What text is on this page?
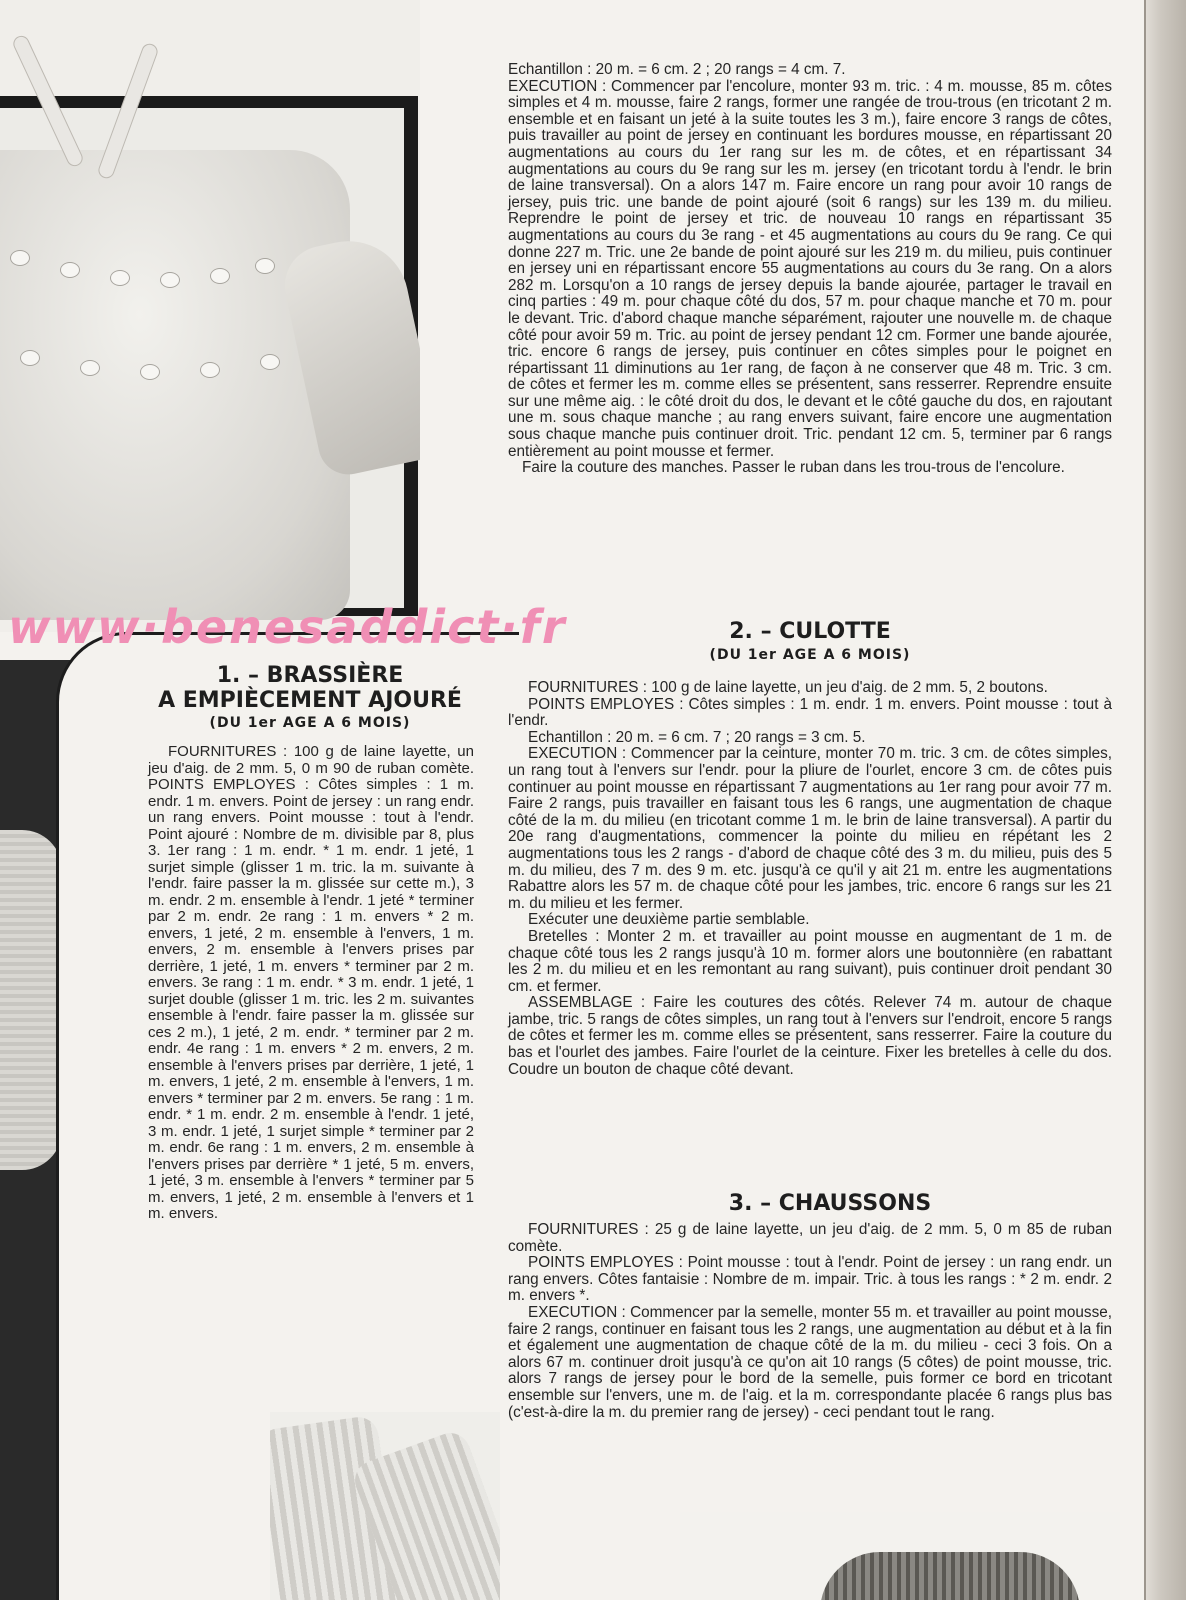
Echantillon : 20 m. = 6 cm. 2 ; 20 rangs = 4 cm. 7.

EXECUTION : Commencer par l'encolure, monter 93 m. tric. : 4 m. mousse, 85 m. côtes simples et 4 m. mousse, faire 2 rangs, former une rangée de trou-trous (en tricotant 2 m. ensemble et en faisant un jeté à la suite toutes les 3 m.), faire encore 3 rangs de côtes, puis travailler au point de jersey en continuant les bordures mousse, en répartissant 20 augmentations au cours du 1er rang sur les m. de côtes, et en répartissant 34 augmentations au cours du 9e rang sur les m. jersey (en tricotant tordu à l'endr. le brin de laine transversal). On a alors 147 m. Faire encore un rang pour avoir 10 rangs de jersey, puis tric. une bande de point ajouré (soit 6 rangs) sur les 139 m. du milieu. Reprendre le point de jersey et tric. de nouveau 10 rangs en répartissant 35 augmentations au cours du 3e rang - et 45 augmentations au cours du 9e rang. Ce qui donne 227 m. Tric. une 2e bande de point ajouré sur les 219 m. du milieu, puis continuer en jersey uni en répartissant encore 55 augmentations au cours du 3e rang. On a alors 282 m. Lorsqu'on a 10 rangs de jersey depuis la bande ajourée, partager le travail en cinq parties : 49 m. pour chaque côté du dos, 57 m. pour chaque manche et 70 m. pour le devant. Tric. d'abord chaque manche séparément, rajouter une nouvelle m. de chaque côté pour avoir 59 m. Tric. au point de jersey pendant 12 cm. Former une bande ajourée, tric. encore 6 rangs de jersey, puis continuer en côtes simples pour le poignet en répartissant 11 diminutions au 1er rang, de façon à ne conserver que 48 m. Tric. 3 cm. de côtes et fermer les m. comme elles se présentent, sans resserrer. Reprendre ensuite sur une même aig. : le côté droit du dos, le devant et le côté gauche du dos, en rajoutant une m. sous chaque manche ; au rang envers suivant, faire encore une augmentation sous chaque manche puis continuer droit. Tric. pendant 12 cm. 5, terminer par 6 rangs entièrement au point mousse et fermer.

Faire la couture des manches. Passer le ruban dans les trou-trous de l'encolure.

www·benesaddict·fr
1. – BRASSIÈRE
A EMPIÈCEMENT AJOURÉ
(DU 1er AGE A 6 MOIS)

FOURNITURES : 100 g de laine layette, un jeu d'aig. de 2 mm. 5, 0 m 90 de ruban comète. POINTS EMPLOYES : Côtes simples : 1 m. endr. 1 m. envers. Point de jersey : un rang endr. un rang envers. Point mousse : tout à l'endr. Point ajouré : Nombre de m. divisible par 8, plus 3. 1er rang : 1 m. endr. * 1 m. endr. 1 jeté, 1 surjet simple (glisser 1 m. tric. la m. suivante à l'endr. faire passer la m. glissée sur cette m.), 3 m. endr. 2 m. ensemble à l'endr. 1 jeté * terminer par 2 m. endr. 2e rang : 1 m. envers * 2 m. envers, 1 jeté, 2 m. ensemble à l'envers, 1 m. envers, 2 m. ensemble à l'envers prises par derrière, 1 jeté, 1 m. envers * terminer par 2 m. envers. 3e rang : 1 m. endr. * 3 m. endr. 1 jeté, 1 surjet double (glisser 1 m. tric. les 2 m. suivantes ensemble à l'endr. faire passer la m. glissée sur ces 2 m.), 1 jeté, 2 m. endr. * terminer par 2 m. endr. 4e rang : 1 m. envers * 2 m. envers, 2 m. ensemble à l'envers prises par derrière, 1 jeté, 1 m. envers, 1 jeté, 2 m. ensemble à l'envers, 1 m. envers * terminer par 2 m. envers. 5e rang : 1 m. endr. * 1 m. endr. 2 m. ensemble à l'endr. 1 jeté, 3 m. endr. 1 jeté, 1 surjet simple * terminer par 2 m. endr. 6e rang : 1 m. envers, 2 m. ensemble à l'envers prises par derrière * 1 jeté, 5 m. envers, 1 jeté, 3 m. ensemble à l'envers * terminer par 5 m. envers, 1 jeté, 2 m. ensemble à l'envers et 1 m. envers.

2. – CULOTTE
(DU 1er AGE A 6 MOIS)

FOURNITURES : 100 g de laine layette, un jeu d'aig. de 2 mm. 5, 2 boutons.

POINTS EMPLOYES : Côtes simples : 1 m. endr. 1 m. envers. Point mousse : tout à l'endr.

Echantillon : 20 m. = 6 cm. 7 ; 20 rangs = 3 cm. 5.

EXECUTION : Commencer par la ceinture, monter 70 m. tric. 3 cm. de côtes simples, un rang tout à l'envers sur l'endr. pour la pliure de l'ourlet, encore 3 cm. de côtes puis continuer au point mousse en répartissant 7 augmentations au 1er rang pour avoir 77 m. Faire 2 rangs, puis travailler en faisant tous les 6 rangs, une augmentation de chaque côté de la m. du milieu (en tricotant comme 1 m. le brin de laine transversal). A partir du 20e rang d'augmentations, commencer la pointe du milieu en répétant les 2 augmentations tous les 2 rangs - d'abord de chaque côté des 3 m. du milieu, puis des 5 m. du milieu, des 7 m. des 9 m. etc. jusqu'à ce qu'il y ait 21 m. entre les augmentations Rabattre alors les 57 m. de chaque côté pour les jambes, tric. encore 6 rangs sur les 21 m. du milieu et les fermer.

Exécuter une deuxième partie semblable.

Bretelles : Monter 2 m. et travailler au point mousse en augmentant de 1 m. de chaque côté tous les 2 rangs jusqu'à 10 m. former alors une boutonnière (en rabattant les 2 m. du milieu et en les remontant au rang suivant), puis continuer droit pendant 30 cm. et fermer.

ASSEMBLAGE : Faire les coutures des côtés. Relever 74 m. autour de chaque jambe, tric. 5 rangs de côtes simples, un rang tout à l'envers sur l'endroit, encore 5 rangs de côtes et fermer les m. comme elles se présentent, sans resserrer. Faire la couture du bas et l'ourlet des jambes. Faire l'ourlet de la ceinture. Fixer les bretelles à celle du dos. Coudre un bouton de chaque côté devant.

3. – CHAUSSONS

FOURNITURES : 25 g de laine layette, un jeu d'aig. de 2 mm. 5, 0 m 85 de ruban comète.

POINTS EMPLOYES : Point mousse : tout à l'endr. Point de jersey : un rang endr. un rang envers. Côtes fantaisie : Nombre de m. impair. Tric. à tous les rangs : * 2 m. endr. 2 m. envers *.

EXECUTION : Commencer par la semelle, monter 55 m. et travailler au point mousse, faire 2 rangs, continuer en faisant tous les 2 rangs, une augmentation au début et à la fin et également une augmentation de chaque côté de la m. du milieu - ceci 3 fois. On a alors 67 m. continuer droit jusqu'à ce qu'on ait 10 rangs (5 côtes) de point mousse, tric. alors 7 rangs de jersey pour le bord de la semelle, puis former ce bord en tricotant ensemble sur l'envers, une m. de l'aig. et la m. correspondante placée 6 rangs plus bas (c'est-à-dire la m. du premier rang de jersey) - ceci pendant tout le rang.
